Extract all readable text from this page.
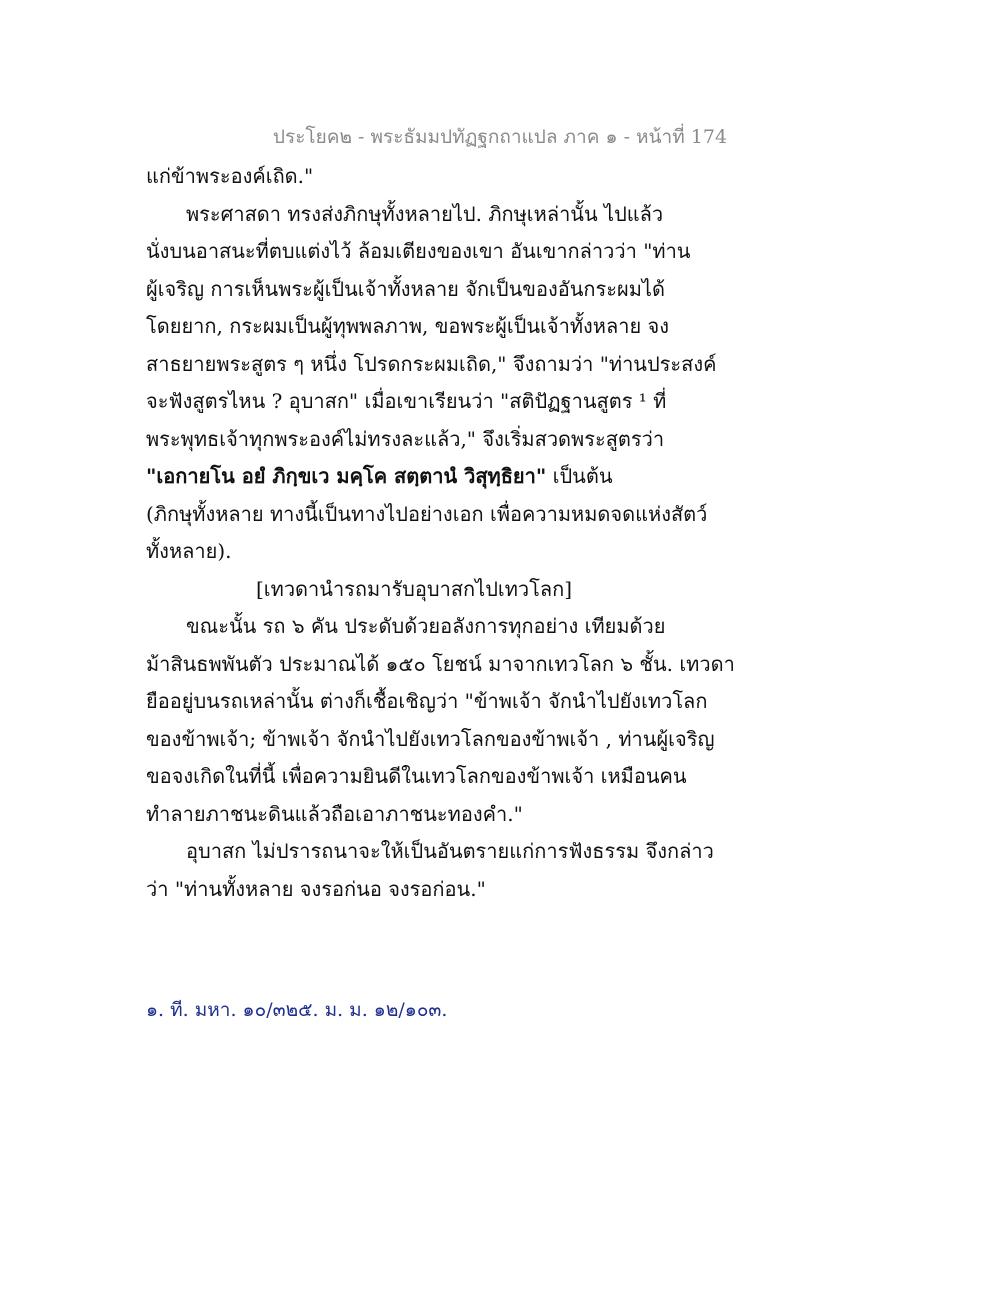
ประโยค๒ - พระธัมมปทัฏฐกถาแปล ภาค ๑ - หน้าที่ 174
แก่ข้าพระองค์เถิด."
พระศาสดา ทรงส่งภิกษุทั้งหลายไป. ภิกษุเหล่านั้น ไปแล้ว
นั่งบนอาสนะที่ตบแต่งไว้ ล้อมเตียงของเขา อันเขากล่าวว่า "ท่าน
ผู้เจริญ การเห็นพระผู้เป็นเจ้าทั้งหลาย จักเป็นของอันกระผมได้
โดยยาก, กระผมเป็นผู้ทุพพลภาพ, ขอพระผู้เป็นเจ้าทั้งหลาย จง
สาธยายพระสูตร ๆ หนึ่ง โปรดกระผมเถิด," จึงถามว่า "ท่านประสงค์
จะฟังสูตรไหน ? อุบาสก" เมื่อเขาเรียนว่า "สติปัฏฐานสูตร ¹ ที่
พระพุทธเจ้าทุกพระองค์ไม่ทรงละแล้ว," จึงเริ่มสวดพระสูตรว่า
"เอกายโน อยํ ภิกฺขเว มคฺโค สตฺตานํ วิสุทฺธิยา" เป็นต้น
(ภิกษุทั้งหลาย ทางนี้เป็นทางไปอย่างเอก เพื่อความหมดจดแห่งสัตว์
ทั้งหลาย).
[เทวดานำรถมารับอุบาสกไปเทวโลก]
ขณะนั้น รถ ๖ คัน ประดับด้วยอลังการทุกอย่าง เทียมด้วย
ม้าสินธพพันตัว ประมาณได้ ๑๕๐ โยชน์ มาจากเทวโลก ๖ ชั้น. เทวดา
ยืออยู่บนรถเหล่านั้น ต่างก็เชื้อเชิญว่า "ข้าพเจ้า จักนำไปยังเทวโลก
ของข้าพเจ้า; ข้าพเจ้า จักนำไปยังเทวโลกของข้าพเจ้า , ท่านผู้เจริญ
ขอจงเกิดในที่นี้ เพื่อความยินดีในเทวโลกของข้าพเจ้า เหมือนคน
ทำลายภาชนะดินแล้วถือเอาภาชนะทองคำ."
อุบาสก ไม่ปรารถนาจะให้เป็นอันตรายแก่การฟังธรรม จึงกล่าว
ว่า "ท่านทั้งหลาย จงรอก่นอ จงรอก่อน."
๑. ที. มหา. ๑๐/๓๒๕. ม. ม. ๑๒/๑๐๓.
